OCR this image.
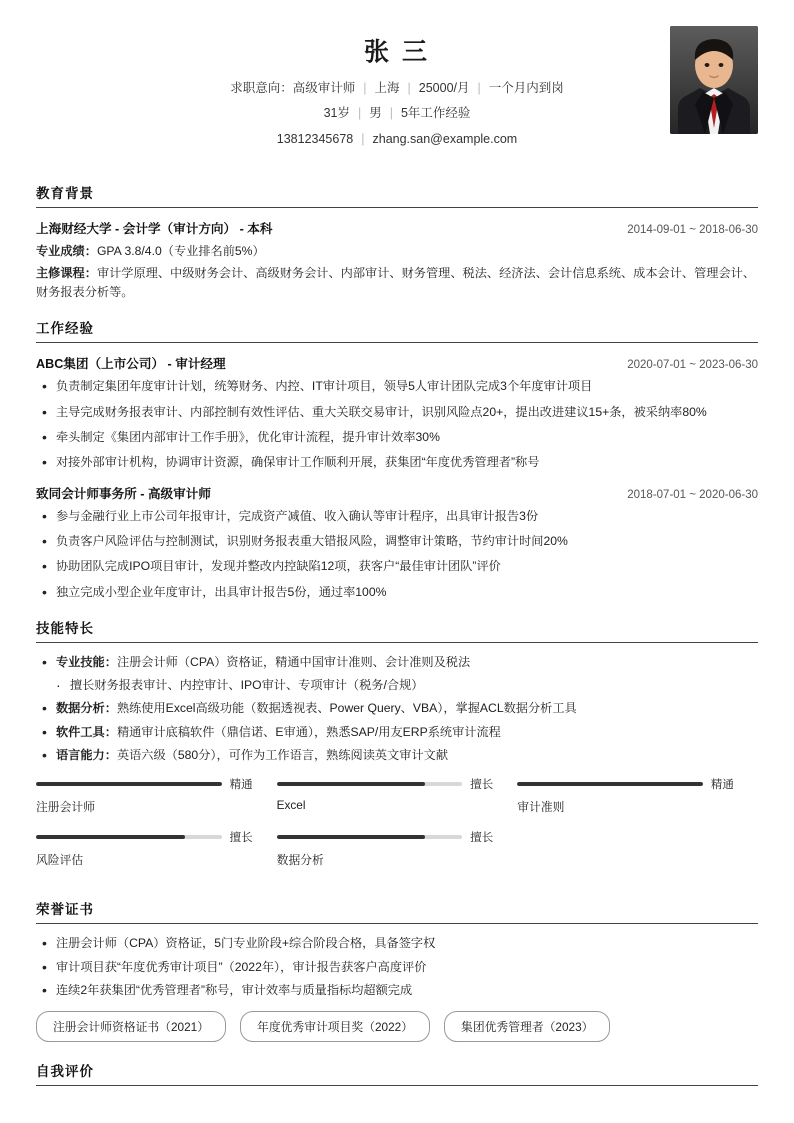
张 三
求职意向：高级审计师 | 上海 | 25000/月 | 一个月内到岗
31岁 | 男 | 5年工作经验
13812345678 | zhang.san@example.com
教育背景
上海财经大学 - 会计学（审计方向） - 本科	2014-09-01 ~ 2018-06-30
专业成绩：GPA 3.8/4.0（专业排名前5%）
主修课程：审计学原理、中级财务会计、高级财务会计、内部审计、财务管理、税法、经济法、会计信息系统、成本会计、管理会计、财务报表分析等。
工作经验
ABC集团（上市公司） - 审计经理	2020-07-01 ~ 2023-06-30
• 负责制定集团年度审计计划，统筹财务、内控、IT审计项目，领导5人审计团队完成3个年度审计项目
• 主导完成财务报表审计、内部控制有效性评估、重大关联交易审计，识别风险点20+，提出改进建议15+条，被采纳率80%
• 牵头制定《集团内部审计工作手册》，优化审计流程，提升审计效率30%
• 对接外部审计机构，协调审计资源，确保审计工作顺利开展，获集团“年度优秀管理者”称号
致同会计师事务所 - 高级审计师	2018-07-01 ~ 2020-06-30
• 参与金融行业上市公司年报审计，完成资产减值、收入确认等审计程序，出具审计报告3份
• 负责客户风险评估与控制测试，识别财务报表重大错报风险，调整审计策略，节约审计时间20%
• 协助团队完成IPO项目审计，发现并整改内控缺陷12项，获客户“最佳审计团队”评价
• 独立完成小型企业年度审计，出具审计报告5份，通过率100%
技能特长
• 专业技能：注册会计师（CPA）资格证，精通中国审计准则、会计准则及税法
· 擅长财务报表审计、内控审计、IPO审计、专项审计（税务/合规）
• 数据分析：熟练使用Excel高级功能（数据透视表、Power Query、VBA），掌握ACL数据分析工具
• 软件工具：精通审计底稿软件（鼎信诺、E审通），熟悉SAP/用友ERP系统审计流程
• 语言能力：英语六级（580分），可作为工作语言，熟练阅读英文审计文献
精通
注册会计师
擅长
Excel
精通
审计准则
擅长
风险评估
擅长
数据分析
荣誉证书
• 注册会计师（CPA）资格证，5门专业阶段+综合阶段合格，具备签字权
• 审计项目获“年度优秀审计项目”（2022年），审计报告获客户高度评价
• 连续2年获集团“优秀管理者”称号，审计效率与质量指标均超额完成
注册会计师资格证书（2021）	年度优秀审计项目奖（2022）	集团优秀管理者（2023）
自我评价
